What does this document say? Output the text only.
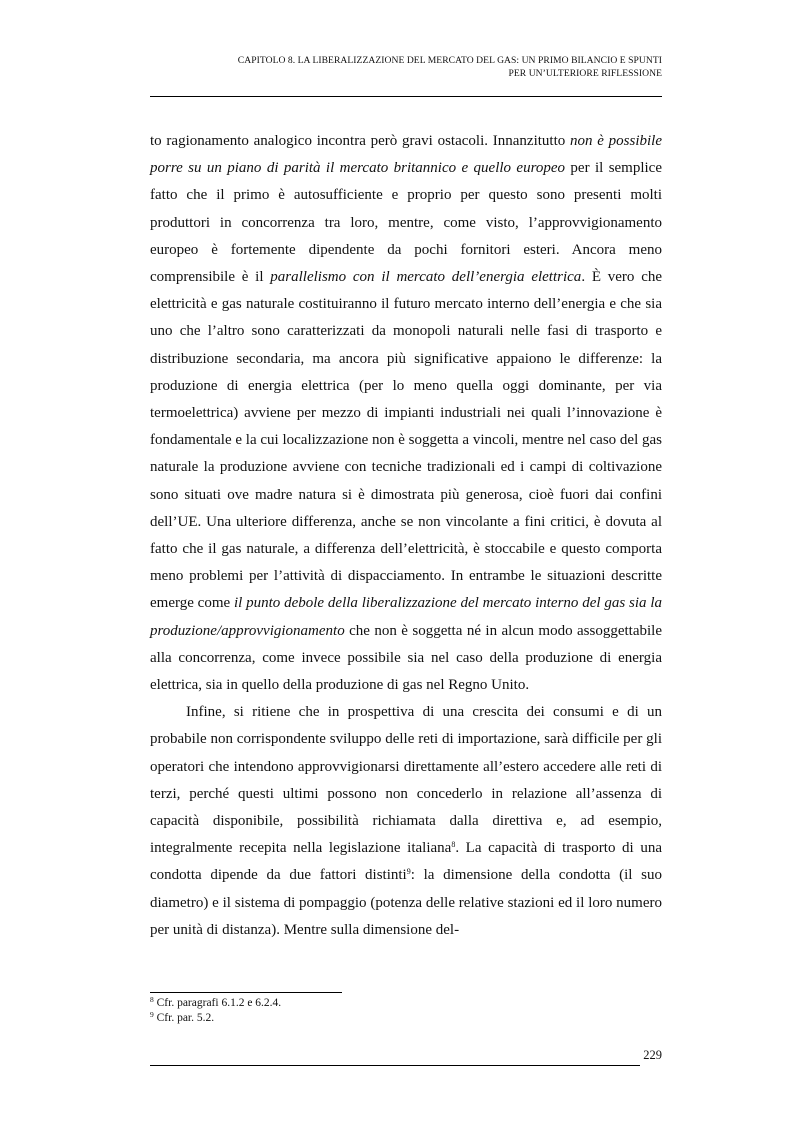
CAPITOLO 8. LA LIBERALIZZAZIONE DEL MERCATO DEL GAS: UN PRIMO BILANCIO E SPUNTI
PER UN’ULTERIORE RIFLESSIONE

to ragionamento analogico incontra però gravi ostacoli. Innanzitutto non è possibile porre su un piano di parità il mercato britannico e quello europeo per il semplice fatto che il primo è autosufficiente e proprio per questo sono presenti molti produttori in concorrenza tra loro, mentre, come visto, l’approvvigionamento europeo è fortemente dipendente da pochi fornitori esteri. Ancora meno comprensibile è il parallelismo con il mercato dell’energia elettrica. È vero che elettricità e gas naturale costituiranno il futuro mercato interno dell’energia e che sia uno che l’altro sono caratterizzati da monopoli naturali nelle fasi di trasporto e distribuzione secondaria, ma ancora più significative appaiono le differenze: la produzione di energia elettrica (per lo meno quella oggi dominante, per via termoelettrica) avviene per mezzo di impianti industriali nei quali l’innovazione è fondamentale e la cui localizzazione non è soggetta a vincoli, mentre nel caso del gas naturale la produzione avviene con tecniche tradizionali ed i campi di coltivazione sono situati ove madre natura si è dimostrata più generosa, cioè fuori dai confini dell’UE. Una ulteriore differenza, anche se non vincolante a fini critici, è dovuta al fatto che il gas naturale, a differenza dell’elettricità, è stoccabile e questo comporta meno problemi per l’attività di dispacciamento. In entrambe le situazioni descritte emerge come il punto debole della liberalizzazione del mercato interno del gas sia la produzione/approvvigionamento che non è soggetta né in alcun modo assoggettabile alla concorrenza, come invece possibile sia nel caso della produzione di energia elettrica, sia in quello della produzione di gas nel Regno Unito.

Infine, si ritiene che in prospettiva di una crescita dei consumi e di un probabile non corrispondente sviluppo delle reti di importazione, sarà difficile per gli operatori che intendono approvvigionarsi direttamente all’estero accedere alle reti di terzi, perché questi ultimi possono non concederlo in relazione all’assenza di capacità disponibile, possibilità richiamata dalla direttiva e, ad esempio, integralmente recepita nella legislazione italiana$^8$. La capacità di trasporto di una condotta dipende da due fattori distinti$^9$: la dimensione della condotta (il suo diametro) e il sistema di pompaggio (potenza delle relative stazioni ed il loro numero per unità di distanza). Mentre sulla dimensione del-

$^8$ Cfr. paragrafi 6.1.2 e 6.2.4.
$^9$ Cfr. par. 5.2.
229
